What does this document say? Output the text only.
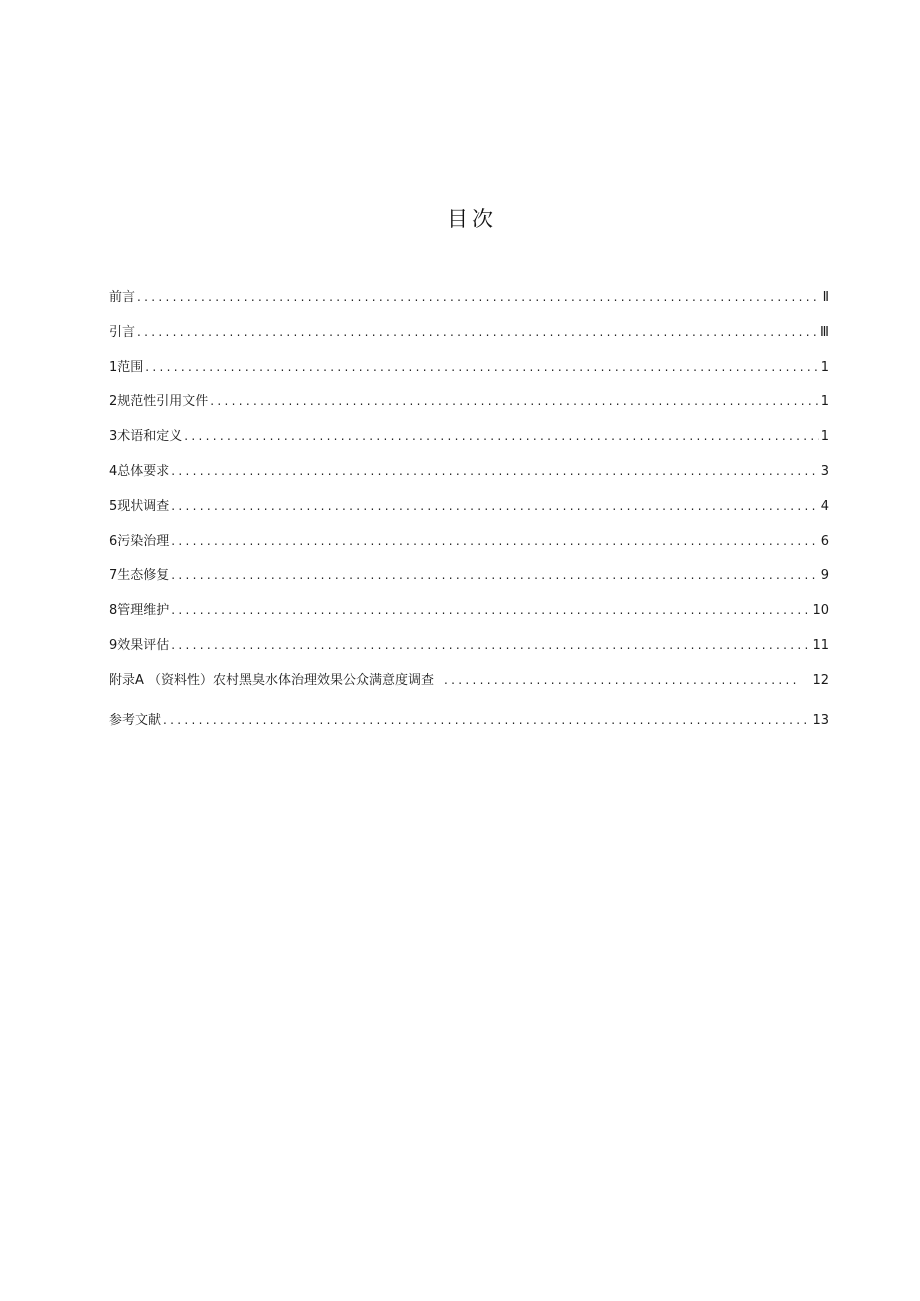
目次
前言 .....	Ⅱ
引言 .....	Ⅲ
1范围 .....	1
2规范性引用文件 .....	1
3术语和定义 .....	1
4总体要求 .....	3
5现状调查 .....	4
6污染治理 .....	6
7生态修复 .....	9
8管理维护 .....	10
9效果评估 .....	11
附录A （资料性）农村黑臭水体治理效果公众满意度调查 .....	12
参考文献 .....	13
